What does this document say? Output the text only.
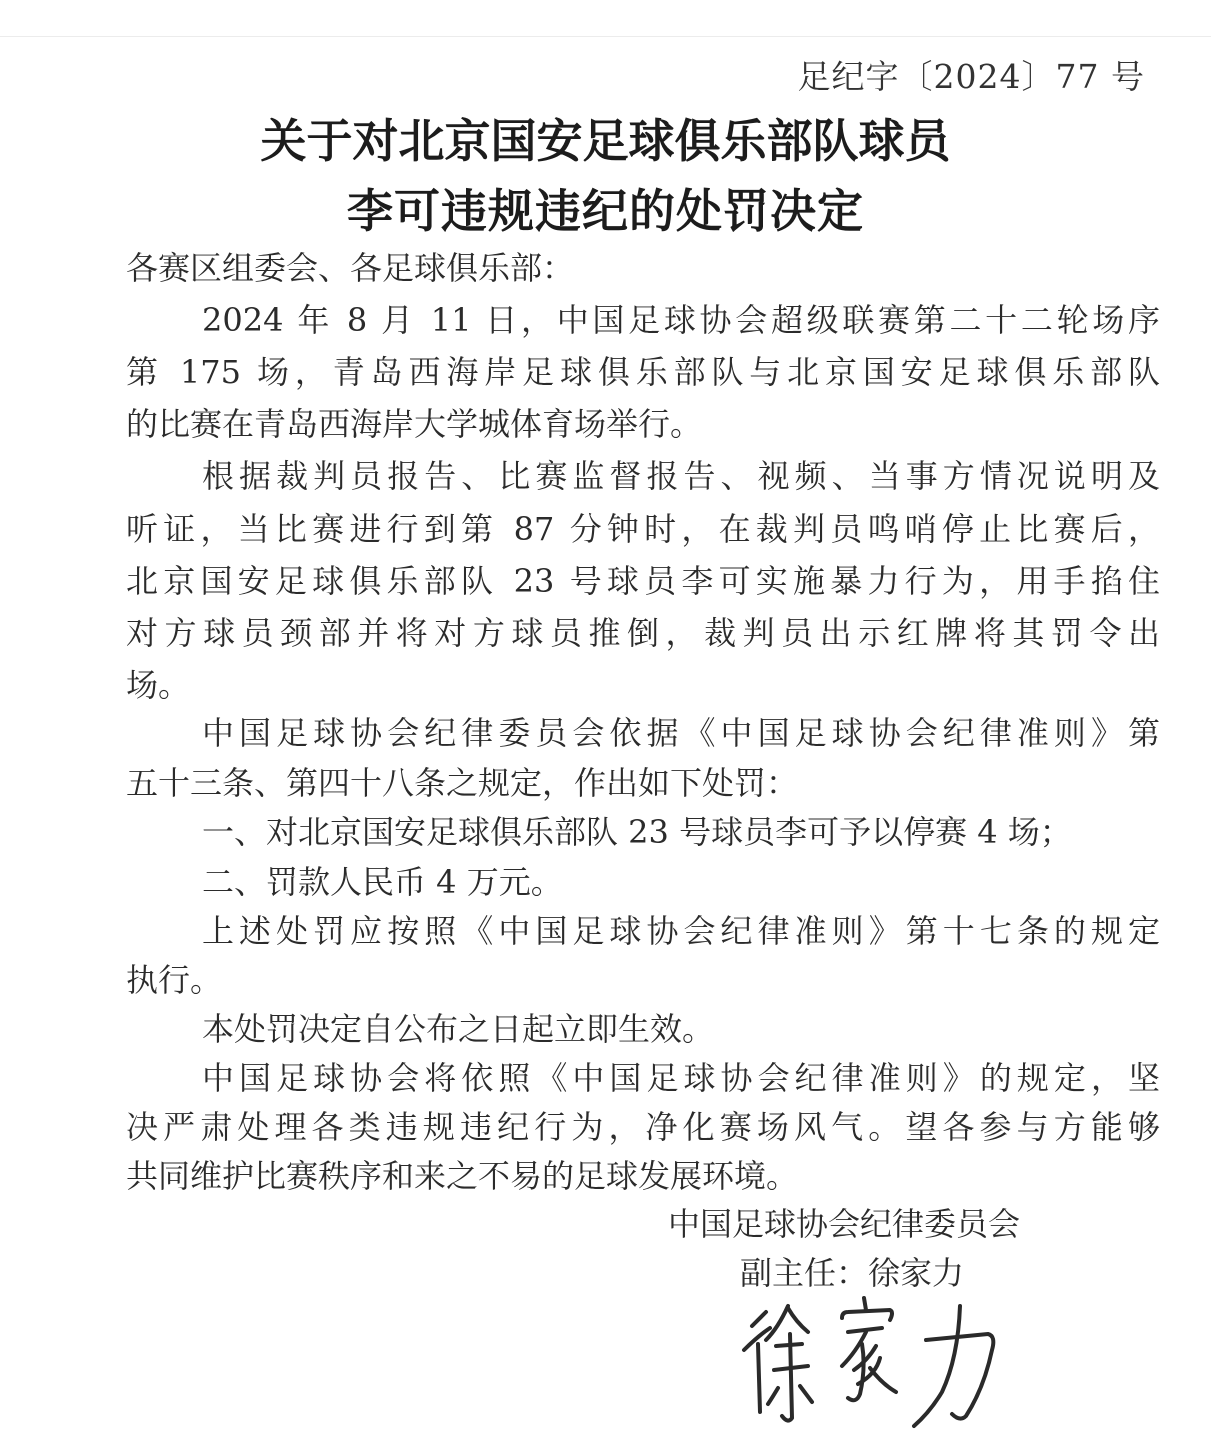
足纪字〔2024〕77 号
关于对北京国安足球俱乐部队球员
李可违规违纪的处罚决定

各赛区组委会、各足球俱乐部：

2024 年 8 月 11 日，中国足球协会超级联赛第二十二轮场序

第 175 场，青岛西海岸足球俱乐部队与北京国安足球俱乐部队

的比赛在青岛西海岸大学城体育场举行。

根据裁判员报告、比赛监督报告、视频、当事方情况说明及

听证，当比赛进行到第 87 分钟时，在裁判员鸣哨停止比赛后，

北京国安足球俱乐部队 23 号球员李可实施暴力行为，用手掐住

对方球员颈部并将对方球员推倒，裁判员出示红牌将其罚令出

场。

中国足球协会纪律委员会依据《中国足球协会纪律准则》第

五十三条、第四十八条之规定，作出如下处罚：

一、对北京国安足球俱乐部队 23 号球员李可予以停赛 4 场；

二、罚款人民币 4 万元。

上述处罚应按照《中国足球协会纪律准则》第十七条的规定

执行。

本处罚决定自公布之日起立即生效。

中国足球协会将依照《中国足球协会纪律准则》的规定，坚

决严肃处理各类违规违纪行为，净化赛场风气。望各参与方能够

共同维护比赛秩序和来之不易的足球发展环境。

中国足球协会纪律委员会
副主任：徐家力
